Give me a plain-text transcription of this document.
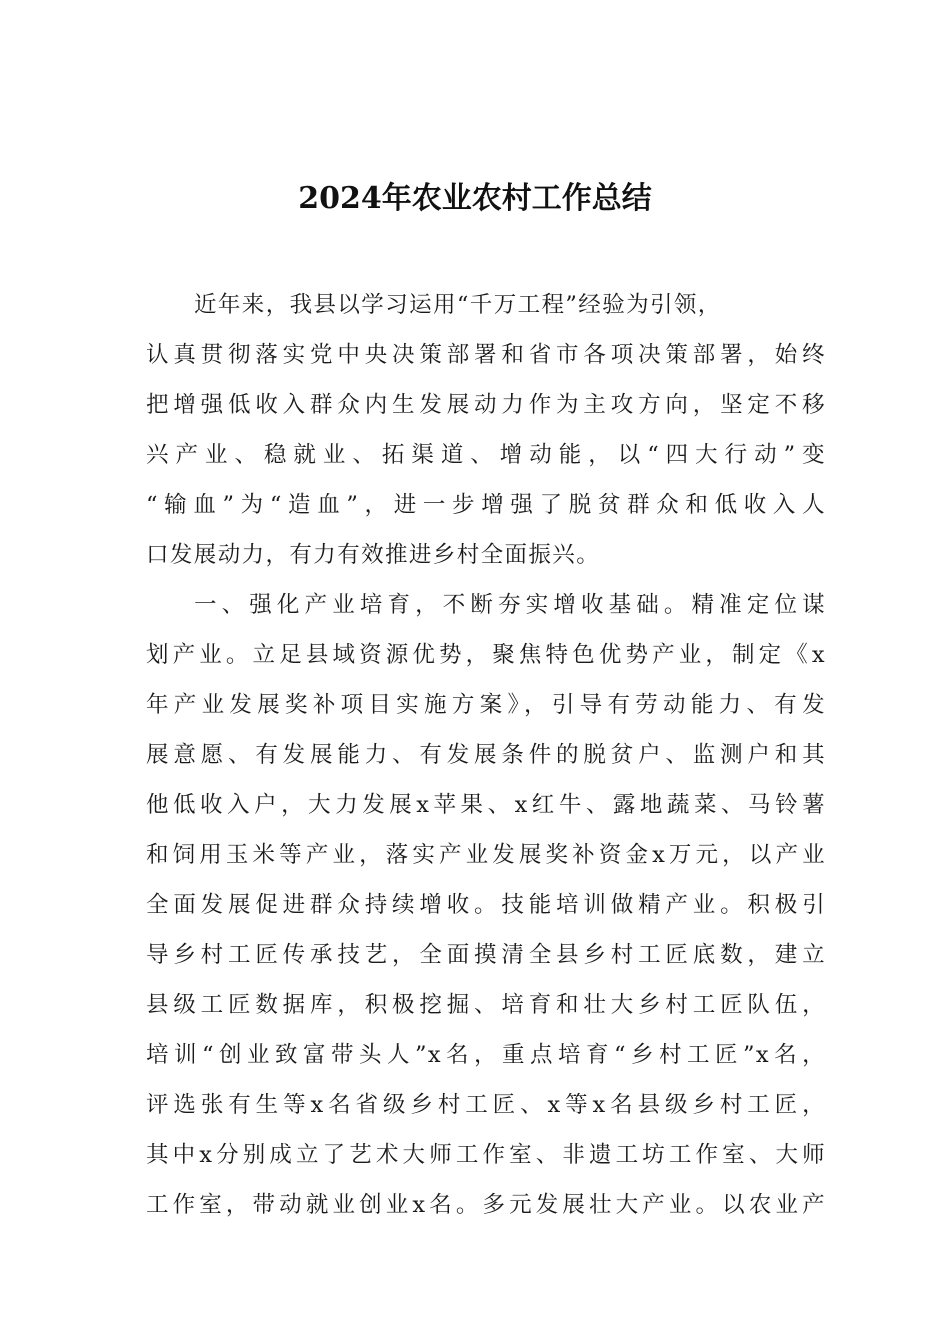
2024年农业农村工作总结
近年来，我县以学习运用“千万工程”经验为引领，
认真贯彻落实党中央决策部署和省市各项决策部署，始终
把增强低收入群众内生发展动力作为主攻方向，坚定不移
兴产业、稳就业、拓渠道、增动能，以“四大行动”变
“输血”为“造血”，进一步增强了脱贫群众和低收入人
口发展动力，有力有效推进乡村全面振兴。
一、强化产业培育，不断夯实增收基础。精准定位谋
划产业。立足县域资源优势，聚焦特色优势产业，制定《x
年产业发展奖补项目实施方案》，引导有劳动能力、有发
展意愿、有发展能力、有发展条件的脱贫户、监测户和其
他低收入户，大力发展x苹果、x红牛、露地蔬菜、马铃薯
和饲用玉米等产业，落实产业发展奖补资金x万元，以产业
全面发展促进群众持续增收。技能培训做精产业。积极引
导乡村工匠传承技艺，全面摸清全县乡村工匠底数，建立
县级工匠数据库，积极挖掘、培育和壮大乡村工匠队伍，
培训“创业致富带头人”x名，重点培育“乡村工匠”x名，
评选张有生等x名省级乡村工匠、x等x名县级乡村工匠，
其中x分别成立了艺术大师工作室、非遗工坊工作室、大师
工作室，带动就业创业x名。多元发展壮大产业。以农业产
